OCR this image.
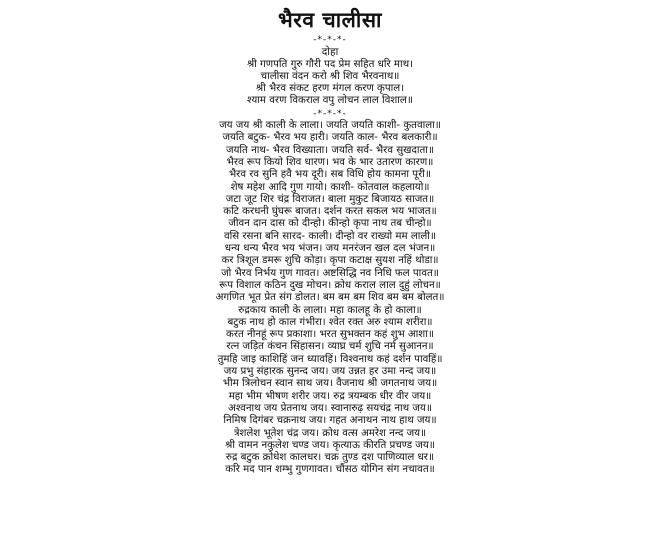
भैरव चालीसा
-*-*-*-
दोहा
श्री गणपति गुरु गौरी पद प्रेम सहित धरि माथ।
चालीसा वंदन करो श्री शिव भैरवनाथ॥
श्री भैरव संकट हरण मंगल करण कृपाल।
श्याम वरण विकराल वपु लोचन लाल विशाल॥
-*-*-*-
जय जय श्री काली के लाला। जयति जयति काशी- कुतवाला॥
जयति बटुक- भैरव भय हारी। जयति काल- भैरव बलकारी॥
जयति नाथ- भैरव विख्याता। जयति सर्व- भैरव सुखदाता॥
भैरव रूप कियो शिव धारण। भव के भार उतारण कारण॥
भैरव रव सुनि हवै भय दूरी। सब विधि होय कामना पूरी॥
शेष महेश आदि गुण गायो। काशी- कोतवाल कहलायो॥
जटा जूट शिर चंद्र विराजत। बाला मुकुट बिजायठ साजत॥
कटि करधनी घुंघरू बाजत। दर्शन करत सकल भय भाजत॥
जीवन दान दास को दीन्हो। कीन्हो कृपा नाथ तब चीन्हो॥
वसि रसना बनि सारद- काली। दीन्हो वर राख्यो मम लाली॥
धन्य धन्य भैरव भय भंजन। जय मनरंजन खल दल भंजन॥
कर त्रिशूल डमरू शुचि कोड़ा। कृपा कटाक्ष सुयश नहिं थोडा॥
जो भैरव निर्भय गुण गावत। अष्टसिद्धि नव निधि फल पावत॥
रूप विशाल कठिन दुख मोचन। क्रोध कराल लाल दुहुं लोचन॥
अगणित भूत प्रेत संग डोलत। बम बम बम शिव बम बम बोलत॥
रुद्रकाय काली के लाला। महा कालहू के हो काला॥
बटुक नाथ हो काल गंभीरा। श्‍वेत रक्त अरु श्याम शरीरा॥
करत नीनहूं रूप प्रकाशा। भरत सुभक्तन कहं शुभ आशा॥
रत्‍न जड़ित कंचन सिंहासन। व्याघ्र चर्म शुचि नर्म सुआनन॥
तुमहि जाइ काशिहिं जन ध्यावहिं। विश्वनाथ कहं दर्शन पावहिं॥
जय प्रभु संहारक सुनन्द जय। जय उन्नत हर उमा नन्द जय॥
भीम त्रिलोचन स्वान साथ जय। वैजनाथ श्री जगतनाथ जय॥
महा भीम भीषण शरीर जय। रुद्र त्रयम्बक धीर वीर जय॥
अश्‍वनाथ जय प्रेतनाथ जय। स्वानारुढ़ सयचंद्र नाथ जय॥
निमिष दिगंबर चक्रनाथ जय। गहत अनाथन नाथ हाथ जय॥
त्रेशलेश भूतेश चंद्र जय। क्रोध वत्स अमरेश नन्द जय॥
श्री वामन नकुलेश चण्ड जय। कृत्याऊ कीरति प्रचण्ड जय॥
रुद्र बटुक क्रोधेश कालधर। चक्र तुण्ड दश पाणिव्याल धर॥
करि मद पान शम्भु गुणगावत। चौंसठ योगिन संग नचावत॥
